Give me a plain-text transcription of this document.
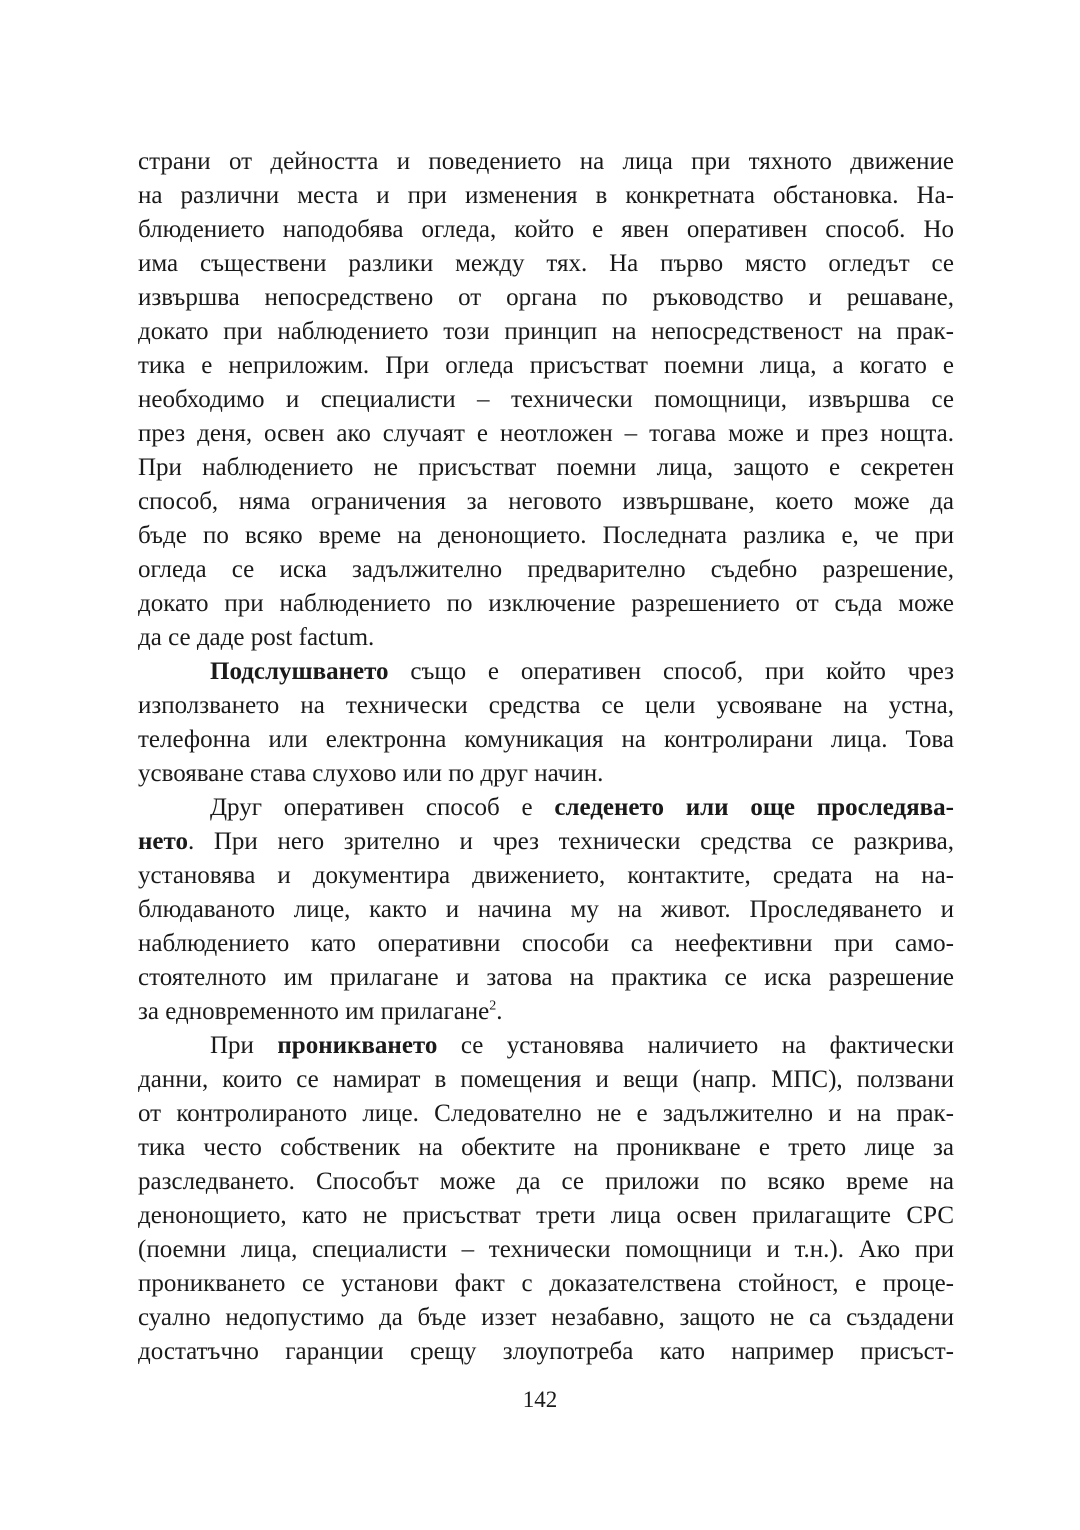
страни от дейността и поведението на лица при тяхното движение
на различни места и при изменения в конкретната обстановка. На-
блюдението наподобява огледа, който е явен оперативен способ. Но
има съществени разлики между тях. На първо място огледът се
извършва непосредствено от органа по ръководство и решаване,
докато при наблюдението този принцип на непосредственост на прак-
тика е неприложим. При огледа присъстват поемни лица, а когато е
необходимо и специалисти – технически помощници, извършва се
през деня, освен ако случаят е неотложен – тогава може и през нощта.
При наблюдението не присъстват поемни лица, защото е секретен
способ, няма ограничения за неговото извършване, което може да
бъде по всяко време на денонощието. Последната разлика е, че при
огледа се иска задължително предварително съдебно разрешение,
докато при наблюдението по изключение разрешението от съда може
да се даде post factum.
Подслушването също е оперативен способ, при който чрез
използването на технически средства се цели усвояване на устна,
телефонна или електронна комуникация на контролирани лица. Това
усвояване става слухово или по друг начин.
Друг оперативен способ е следенето или още проследява-
нето. При него зрително и чрез технически средства се разкрива,
установява и документира движението, контактите, средата на на-
блюдаваното лице, както и начина му на живот. Проследяването и
наблюдението като оперативни способи са неефективни при само-
стоятелното им прилагане и затова на практика се иска разрешение
за едновременното им прилагане$^2$.
При проникването се установява наличието на фактически
данни, които се намират в помещения и вещи (напр. МПС), ползвани
от контролираното лице. Следователно не е задължително и на прак-
тика често собственик на обектите на проникване е трето лице за
разследването. Способът може да се приложи по всяко време на
денонощието, като не присъстват трети лица освен прилагащите СРС
(поемни лица, специалисти – технически помощници и т.н.). Ако при
проникването се установи факт с доказателствена стойност, е проце-
суално недопустимо да бъде иззет незабавно, защото не са създадени
достатъчно гаранции срещу злоупотреба като например присъст-
142
